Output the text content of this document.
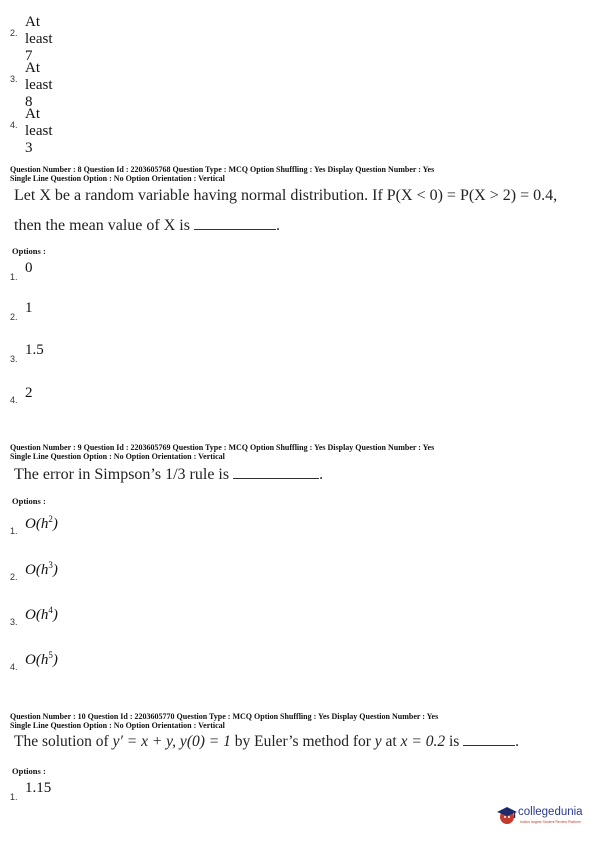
2.
At least 7
3.
At least 8
4.
At least 3
Question Number : 8 Question Id : 2203605768 Question Type : MCQ Option Shuffling : Yes Display Question Number : Yes
Single Line Question Option : No Option Orientation : Vertical
Let X be a random variable having normal distribution. If P(X < 0) = P(X > 2) = 0.4,
then the mean value of X is	.
Options :
1.
0
2.
1
3.
1.5
4. 2
Question Number : 9 Question Id : 2203605769 Question Type : MCQ Option Shuffling : Yes Display Question Number : Yes
Single Line Question Option : No Option Orientation : Vertical
The error in Simpson’s 1/3 rule is	.
Options :
1. $O(h^2)$
2. $O(h^3)$
3. $O(h^4)$
4. $O(h^5)$
Question Number : 10 Question Id : 2203605770 Question Type : MCQ Option Shuffling : Yes Display Question Number : Yes
Single Line Question Option : No Option Orientation : Vertical
The solution of y′ = x + y, y(0) = 1 by Euler’s method for y at x = 0.2 is	.
Options :
1.
1.15
collegedunia
India's largest Student Review Platform
